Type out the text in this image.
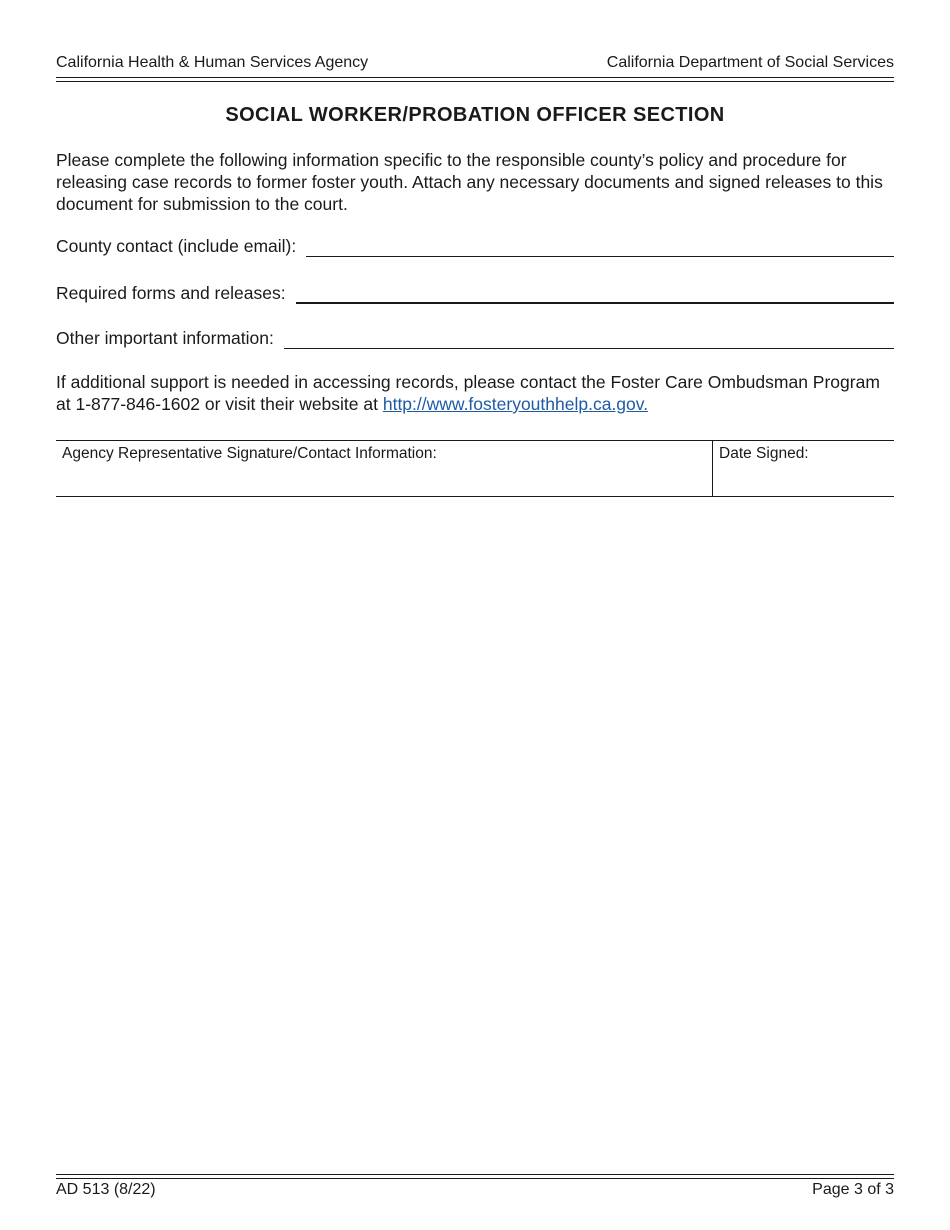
California Health & Human Services Agency	California Department of Social Services
SOCIAL WORKER/PROBATION OFFICER SECTION

Please complete the following information specific to the responsible county’s policy and procedure for releasing case records to former foster youth. Attach any necessary documents and signed releases to this document for submission to the court.

County contact (include email):
Required forms and releases:
Other important information:

If additional support is needed in accessing records, please contact the Foster Care Ombudsman Program at 1-877-846-1602 or visit their website at http://www.fosteryouthhelp.ca.gov.

Agency Representative Signature/Contact Information:	Date Signed:
AD 513 (8/22)	Page 3 of 3
